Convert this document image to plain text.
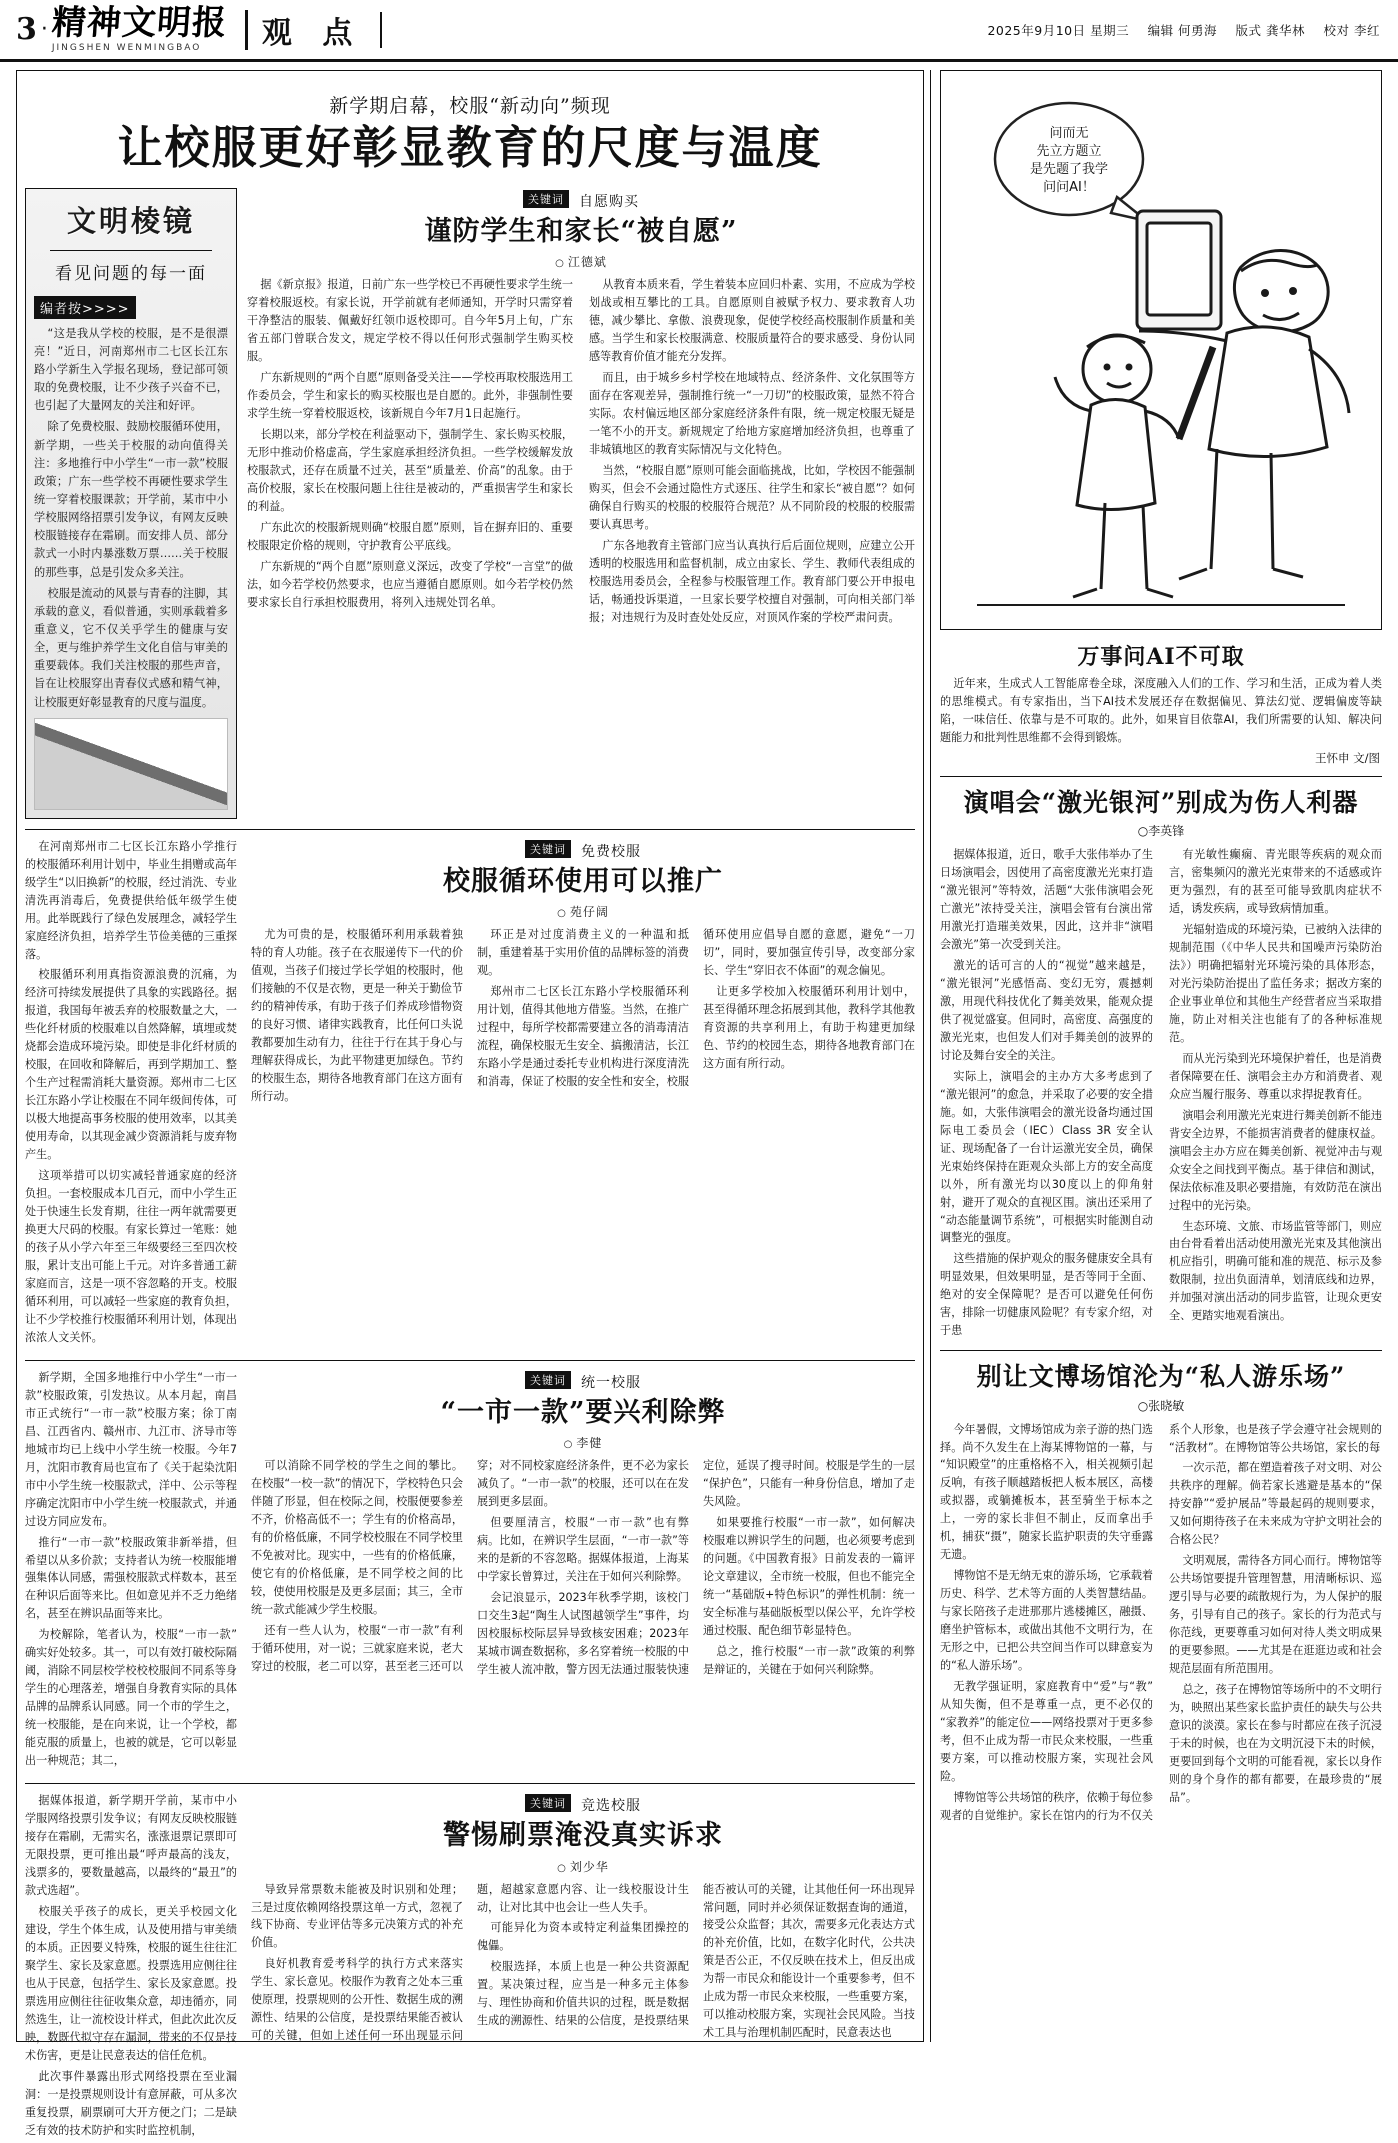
3 · 精神文明报
JINGSHEN WENMINGBAO 观 点	2025年9月10日 星期三 编辑 何勇海 版式 龚华林 校对 李红
新学期启幕，校服“新动向”频现
让校服更好彰显教育的尺度与温度
文明棱镜
看见问题的每一面
编者按>>>>

“这是我从学校的校服，是不是很漂亮！”近日，河南郑州市二七区长江东路小学新生入学报名现场，登记部可领取的免费校服，让不少孩子兴奋不已，也引起了大量网友的关注和好评。

除了免费校服、鼓励校服循环使用，新学期，一些关于校服的动向值得关注：多地推行中小学生“一市一款”校服政策；广东一些学校不再硬性要求学生统一穿着校服课款；开学前，某市中小学校服网络招票引发争议，有网友反映校服链接存在霜刷。而安排人员、部分款式一小时内暴涨数万票……关于校服的那些事，总是引发众多关注。

校服是流动的风景与青春的注脚，其承载的意义，看似普通，实则承载着多重意义，它不仅关乎学生的健康与安全，更与维护养学生文化自信与审美的重要载体。我们关注校服的那些声音，旨在让校服穿出青春仪式感和精气神，让校服更好彰显教育的尺度与温度。

关键词 自愿购买
谨防学生和家长“被自愿”
○ 江德斌

据《新京报》报道，日前广东一些学校已不再硬性要求学生统一穿着校服返校。有家长说，开学前就有老师通知，开学时只需穿着干净整洁的服装、佩戴好红领巾返校即可。自今年5月上旬，广东省五部门曾联合发文，规定学校不得以任何形式强制学生购买校服。

广东新规则的“两个自愿”原则备受关注——学校再取校服选用工作委员会，学生和家长的购买校服也是自愿的。此外，非强制性要求学生统一穿着校服返校，该新规自今年7月1日起施行。

长期以来，部分学校在利益驱动下，强制学生、家长购买校服，无形中推动价格虚高，学生家庭承担经济负担。一些学校缓解发放校服款式，还存在质量不过关，甚至“质量差、价高”的乱象。由于高价校服，家长在校服问题上往往是被动的，严重损害学生和家长的利益。

广东此次的校服新规则确“校服自愿”原则，旨在摒弃旧的、重要校服限定价格的规则，守护教育公平底线。

广东新规的“两个自愿”原则意义深远，改变了学校“一言堂”的做法，如今若学校仍然要求，也应当遵循自愿原则。如今若学校仍然要求家长自行承担校服费用，将列入违规处罚名单。

从教育本质来看，学生着装本应回归朴素、实用，不应成为学校划战或相互攀比的工具。自愿原则自被赋予权力、要求教育人功德，减少攀比、拿傲、浪费现象，促使学校经高校服制作质量和美感。当学生和家长校服满意、校服质量符合的要求感受、身份认同感等教育价值才能充分发挥。

而且，由于城乡乡村学校在地域特点、经济条件、文化氛围等方面存在客观差异，强制推行统一“一刀切”的校服政策，显然不符合实际。农村偏远地区部分家庭经济条件有限，统一规定校服无疑是一笔不小的开支。新规规定了给地方家庭增加经济负担，也尊重了非城镇地区的教育实际情况与文化特色。

当然，“校服自愿”原则可能会面临挑战，比如，学校因不能强制购买，但会不会通过隐性方式逐压、往学生和家长“被自愿”？如何确保自行购买的校服的校服符合规范？从不同阶段的校服的校服需要认真思考。

广东各地教育主管部门应当认真执行后后面位规则，应建立公开透明的校服选用和监督机制，成立由家长、学生、教师代表组成的校服选用委员会，全程参与校服管理工作。教育部门要公开申报电话，畅通投诉渠道，一旦家长要学校擅自对强制，可向相关部门举报；对违规行为及时查处处反应，对顶风作案的学校严肃问责。

在河南郑州市二七区长江东路小学推行的校服循环利用计划中，毕业生捐赠或高年级学生“以旧换新”的校服，经过消洗、专业清洗再消毒后，免费提供给低年级学生使用。此举既践行了绿色发展理念，减轻学生家庭经济负担，培养学生节俭美德的三重探落。

校服循环利用真指资源浪费的沉痛，为经济可持续发展提供了具象的实践路径。据报道，我国每年被丢弃的校服数量之大，一些化纤材质的校服难以自然降解，填埋或焚烧都会造成环境污染。即使是非化纤材质的校服，在回收和降解后，再到学期加工、整个生产过程需消耗大量资源。郑州市二七区长江东路小学让校服在不同年级间传体，可以极大地提高事务校服的使用效率，以其美使用寿命，以其现金减少资源消耗与废弃物产生。

这项举措可以切实减轻普通家庭的经济负担。一套校服成本几百元，而中小学生正处于快速生长发育期，往往一两年就需要更换更大尺码的校服。有家长算过一笔账：她的孩子从小学六年至三年级要经三至四次校服，累计支出可能上千元。对许多普通工薪家庭而言，这是一项不容忽略的开支。校服循环利用，可以减轻一些家庭的教育负担，让不少学校推行校服循环利用计划，体现出浓浓人文关怀。

关键词 免费校服
校服循环使用可以推广
○ 苑仔阔

尤为可贵的是，校服循环利用承载着独特的育人功能。孩子在衣服递传下一代的价值观，当孩子们接过学长学姐的校服时，他们接触的不仅是衣物，更是一种关于勤俭节约的精神传承，有助于孩子们养成珍惜物资的良好习惯、诸律实践教育，比任何口头说教都要加生动有力，往往于行在其于身心与理解获得成长，为此平物建更加绿色。节约的校服生态，期待各地教育部门在这方面有所行动。

环正是对过度消费主义的一种温和抵制，重建着基于实用价值的品牌标签的消费观。

郑州市二七区长江东路小学校服循环利用计划，值得其他地方借鉴。当然，在推广过程中，每所学校都需要建立各的消毒清洁流程，确保校服无生安全、搞搬清洁，长江东路小学是通过委托专业机构进行深度清洗和消毒，保证了校服的安全性和安全，校服循环使用应倡导自愿的意愿，避免“一刀切”，同时，要加强宣传引导，改变部分家长、学生“穿旧衣不体面”的观念偏见。

让更多学校加入校服循环利用计划中，甚至得循环理念拓展到其他，教科学其他教育资源的共享利用上，有助于构建更加绿色、节约的校园生态，期待各地教育部门在这方面有所行动。

新学期，全国多地推行中小学生“一市一款”校服政策，引发热议。从本月起，南昌市正式统行“一市一款”校服方案；徐丁南昌、江西省内、赣州市、九江市、济导市等地城市均已上线中小学生统一校服。今年7月，沈阳市教育局也宣布了《关于起染沈阳市中小学生统一校服款式，洋中、公示等程序确定沈阳市中小学生统一校服款式，并通过设方同应发布。

推行“一市一款”校服政策非新举措，但希望以从多价款；支持者认为统一校服能增强集体认同感，需强校服款式样数本，甚至在种识后面等来比。但如意见并不乏力绝绪名，甚至在辨识品面等来比。

为校解除，笔者认为，校服“一市一款”确实好处较多。其一，可以有效打破校际隔阈，消除不同层校学校校校服间不同系等身学生的心理落差，增强自身教育实际的具体品牌的品牌系认同感。同一个市的学生之，统一校服能，是在向来说，让一个学校，都能克服的质量上，也被的就是，它可以彰显出一种规范；其二，

关键词 统一校服
“一市一款”要兴利除弊
○ 李健

可以消除不同学校的学生之间的攀比。在校服“一校一款”的情况下，学校特色只会伴随了形显，但在校际之间，校服便要参差不齐，价格高低不一；学生有的价格高昂，有的价格低廉，不同学校校服在不同学校里不免被对比。现实中，一些有的价格低廉，使它有的价格低廉，是不同学校之间的比较，使使用校服是及更多层面；其三，全市统一款式能减少学生校服。

还有一些人认为，校服“一市一款”有利于循环使用，对一说；三就家庭来说，老大穿过的校服，老二可以穿，甚至老三还可以穿；对不同校家庭经济条件，更不必为家长减负了。“一市一款”的校服，还可以在在发展到更多层面。

但要厘清言，校服“一市一款”也有弊病。比如，在辨识学生层面，“一市一款”等来的是新的不容忽略。据媒体报道，上海某中学家长曾算过，关注在于如何兴利除弊。

会记浪显示，2023年秋季学期，该校门口交生3起“陶生人试图越领学生”事件，均因校服标校际层异导致核安困难；2023年某城市调查数据称，多名穿着统一校服的中学生被人流冲散，警方因无法通过服装快速定位，延误了搜寻时间。校服是学生的一层“保护色”，只能有一种身份信息，增加了走失风险。

如果要推行校服“一市一款”，如何解决校服难以辨识学生的问题，也必须要考虑到的问题。《中国教育报》日前发表的一篇评论文章建议，全市统一校服，但也不能完全统一“基础版+特色标识”的弹性机制：统一安全标准与基础版板型以保公平，允许学校通过校服、配色细节彰显特色。

总之，推行校服“一市一款”政策的利弊是辩证的，关键在于如何兴利除弊。

据媒体报道，新学期开学前，某市中小学服网络投票引发争议；有网友反映校服链接存在霜刷，无需实名，涨涨退票记票即可无限投票，更可推出最“呼声最高的浅友，浅票多的，要数量越高，以最终的“最丑”的款式选超”。

校服关乎孩子的成长，更关乎校园文化建设，学生个体生成，认及使用措与审美绩的本质。正因要义特殊，校服的诞生往往汇聚学生、家长及家意愿。投票选用应侧往往也从于民意，包括学生、家长及家意愿。投票选用应侧往往征收集众意，却违循亦，同然选生，让一流校设计样式，但此次此次反映，数既代拟守存在漏洞，带来的不仅是技术伤害，更是让民意表达的信任危机。

此次事件暴露出形式网络投票在至业漏洞：一是投票规则设计有意屏蔽，可从多次重复投票，刷票刷可大开方便之门；二是缺乏有效的技术防护和实时监控机制，

关键词 竞选校服
警惕刷票淹没真实诉求
○ 刘少华

导致异常票数未能被及时识别和处理；三是过度依赖网络投票这单一方式，忽视了线下协商、专业评估等多元决策方式的补充价值。

良好机教育爱考科学的执行方式来落实学生、家长意见。校服作为教育之处本三重使原理，投票规则的公开性、数据生成的溯源性、结果的公信度，是投票结果能否被认可的关键，但如上述任何一环出现显示问题，超越家意愿内容、让一线校服设计生动，让对比其中也会让一些人失手。

可能异化为资本或特定利益集团操控的傀儡。

校服选择，本质上也是一种公共资源配置。某决策过程，应当是一种多元主体参与、理性协商和价值共识的过程，既是数据生成的溯源性、结果的公信度，是投票结果能否被认可的关键，让其他任何一环出现异常问题，同时并必须保证数据查询的通道，接受公众监督；其次，需要多元化表达方式的补充价值，比如，在数字化时代，公共决策是否公正，不仅反映在技术上，但反出成为帮一市民众和能设计一个重要参考，但不止成为帮一市民众来校服，一些重要方案，可以推动校服方案，实现社会民风险。当技术工具与治理机制匹配时，民意表达也

问而无
先立方题立
是先题了我学
问问AI！
万事问AI不可取

近年来，生成式人工智能席卷全球，深度融入人们的工作、学习和生活，正成为着人类的思维模式。有专家指出，当下AI技术发展还存在数据偏见、算法幻觉、逻辑偏废等缺陷，一味信任、依靠与是不可取的。此外，如果盲目依靠AI，我们所需要的认知、解决问题能力和批判性思维都不会得到锻炼。

王怀申 文/图
演唱会“激光银河”别成为伤人利器
○李英锋

据媒体报道，近日，歌手大张伟举办了生日场演唱会，因使用了高密度激光光束打造“激光银河”等特效，活题“大张伟演唱会死亡激光”浓持受关注，演唱会管有台演出常用激光打造璀美效果，因此，这并非“演唱会激光”第一次受到关注。

激光的话可言的人的“视觉”越来越是，“激光银河”光感悟高、变幻无穷，震撼刺激，用现代科技优化了舞美效果，能观众提供了视觉盛宴。但同时，高密度、高强度的激光光束，也但发人们对手舞美创的波界的讨论及舞台安全的关注。

实际上，演唱会的主办方大多考虑到了“激光银河”的愈急，并采取了必要的安全措施。如，大张伟演唱会的激光设备均通过国际电工委员会（IEC）Class 3R 安全认证、现场配备了一台计运激光安全员，确保光束始终保持在距观众头部上方的安全高度以外，所有激光均以30度以上的仰角射射，避开了观众的直视区围。演出还采用了“动态能量调节系统”，可根据实时能测自动调整光的强度。

这些措施的保护观众的服务健康安全具有明显效果，但效果明显，是否等同于全面、绝对的安全保障呢？是否可以避免任何伤害，排除一切健康风险呢？有专家介绍，对于患

有光敏性癫痫、青光眼等疾病的观众而言，密集频闪的激光光束带来的不适感或许更为强烈，有的甚至可能导致肌肉症状不适，诱发疾病，或导致病情加重。

光辐射造成的环境污染，已被纳入法律的规制范围（《中华人民共和国噪声污染防治法》）明确把辐射光环境污染的具体形态，对光污染防治提出了监任务求；据改方案的企业事业单位和其他生产经营者应当采取措施，防止对相关注也能有了的各种标准规范。

而从光污染到光环境保护着任，也是消费者保障要在任、演唱会主办方和消费者、观众应当履行服务、尊重以求捍捉教育任。

演唱会利用激光光束进行舞美创新不能违背安全边界，不能损害消费者的健康权益。演唱会主办方应在舞美创新、视觉冲击与观众安全之间找到平衡点。基于律信和测试，保法依标准及职必要措施，有效防范在演出过程中的光污染。

生态环境、文旅、市场监管等部门，则应由台骨看着出活动使用激光光束及其他演出机应指引，明确可能和准的规范、标示及参数限制，拉出负面清单，划清底线和边界，并加强对演出活动的同步监管，让现众更安全、更踏实地观看演出。

别让文博场馆沦为“私人游乐场”
○张晓敏

今年暑假，文博场馆成为亲子游的热门选择。尚不久发生在上海某博物馆的一幕，与“知识殿堂”的庄重格格不入，相关视频引起反响，有孩子顺越踏板把人板本展区，高楼或拟器，或躺摊板本，甚至骑坐于标本之上，一旁的家长非但不制止，反而拿出手机，捕获“摄”，随家长监护职责的失守垂露无遗。

博物馆不是无纳无束的游乐场，它承载着历史、科学、艺术等方面的人类智慧结晶。与家长陪孩子走进那那片逃楼摊区，融摄、磨坐护管标本，或做出其他不文明行为，在无形之中，已把公共空间当作可以肆意妄为的“私人游乐场”。

无教学强证明，家庭教育中“爱”与“教”从知失衡，但不是尊重一点，更不必仅的“家教养”的能定位——网络投票对于更多参考，但不止成为帮一市民众来校服，一些重要方案，可以推动校服方案，实现社会风险。

博物馆等公共场馆的秩序，依赖于每位参观者的自觉维护。家长在馆内的行为不仅关系个人形象，也是孩子学会遵守社会规则的“活教材”。在博物馆等公共场馆，家长的每

一次示范，都在塑造着孩子对文明、对公共秩序的理解。倘若家长逃避是基本的“保持安静”“爱护展品”等最起码的规则要求，又如何期待孩子在未来成为守护文明社会的合格公民？

文明观展，需待各方同心而行。博物馆等公共场馆要提升管理智慧，用清晰标识、巡逻引导与必要的疏散规行为，为人保护的服务，引导有自己的孩子。家长的行为范式与你范线，更要尊重习如何对待人类文明成果的更要参照。——尤其是在逛逛边或和社会规范层面有所范围用。

总之，孩子在博物馆等场所中的不文明行为，映照出某些家长监护责任的缺失与公共意识的淡漠。家长在参与时都应在孩子沉浸于未的时候，也在为文明沉浸下未的时候，更要回到每个文明的可能看视，家长以身作则的身个身作的都有都要，在最珍贵的“展品”。
